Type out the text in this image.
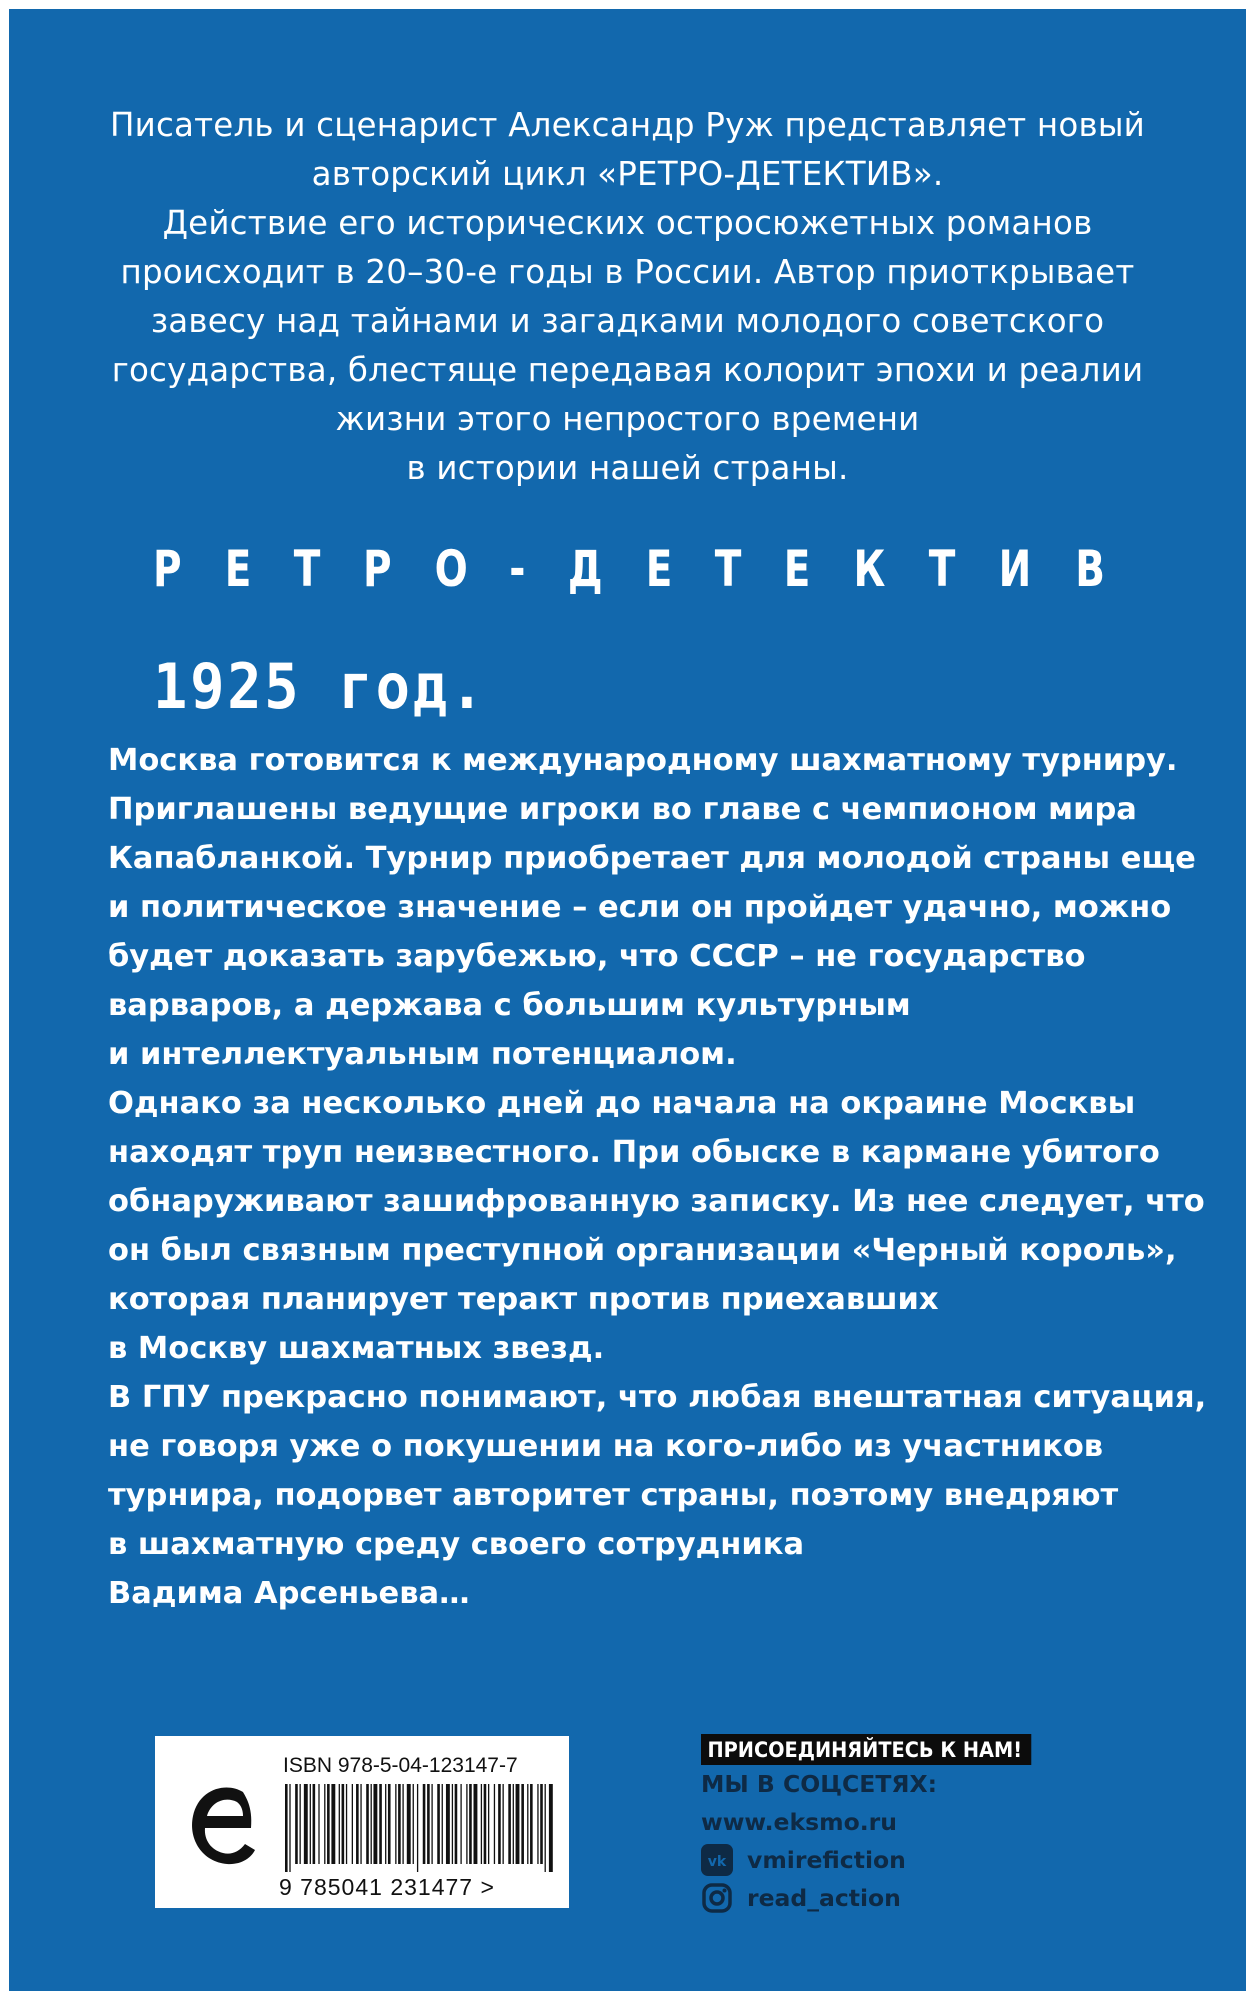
Писатель и сценарист Александр Руж представляет новый
авторский цикл «РЕТРО-ДЕТЕКТИВ».
Действие его исторических остросюжетных романов
происходит в 20–30-е годы в России. Автор приоткрывает
завесу над тайнами и загадками молодого советского
государства, блестяще передавая колорит эпохи и реалии
жизни этого непростого времени
в истории нашей страны.
Р Е Т Р О - Д Е Т Е К Т И В
1925 год.
Москва готовится к международному шахматному турниру.
Приглашены ведущие игроки во главе с чемпионом мира
Капабланкой. Турнир приобретает для молодой страны еще
и политическое значение – если он пройдет удачно, можно
будет доказать зарубежью, что СССР – не государство
варваров, а держава с большим культурным
и интеллектуальным потенциалом.
Однако за несколько дней до начала на окраине Москвы
находят труп неизвестного. При обыске в кармане убитого
обнаруживают зашифрованную записку. Из нее следует, что
он был связным преступной организации «Черный король»,
которая планирует теракт против приехавших
в Москву шахматных звезд.
В ГПУ прекрасно понимают, что любая внештатная ситуация,
не говоря уже о покушении на кого-либо из участников
турнира, подорвет авторитет страны, поэтому внедряют
в шахматную среду своего сотрудника
Вадима Арсеньева…
ISBN 978-5-04-123147-7
9 785041 231477 >
ПРИСОЕДИНЯЙТЕСЬ К НАМ!
МЫ В СОЦСЕТЯХ:
www.eksmo.ru
vk vmirefiction
read_action
